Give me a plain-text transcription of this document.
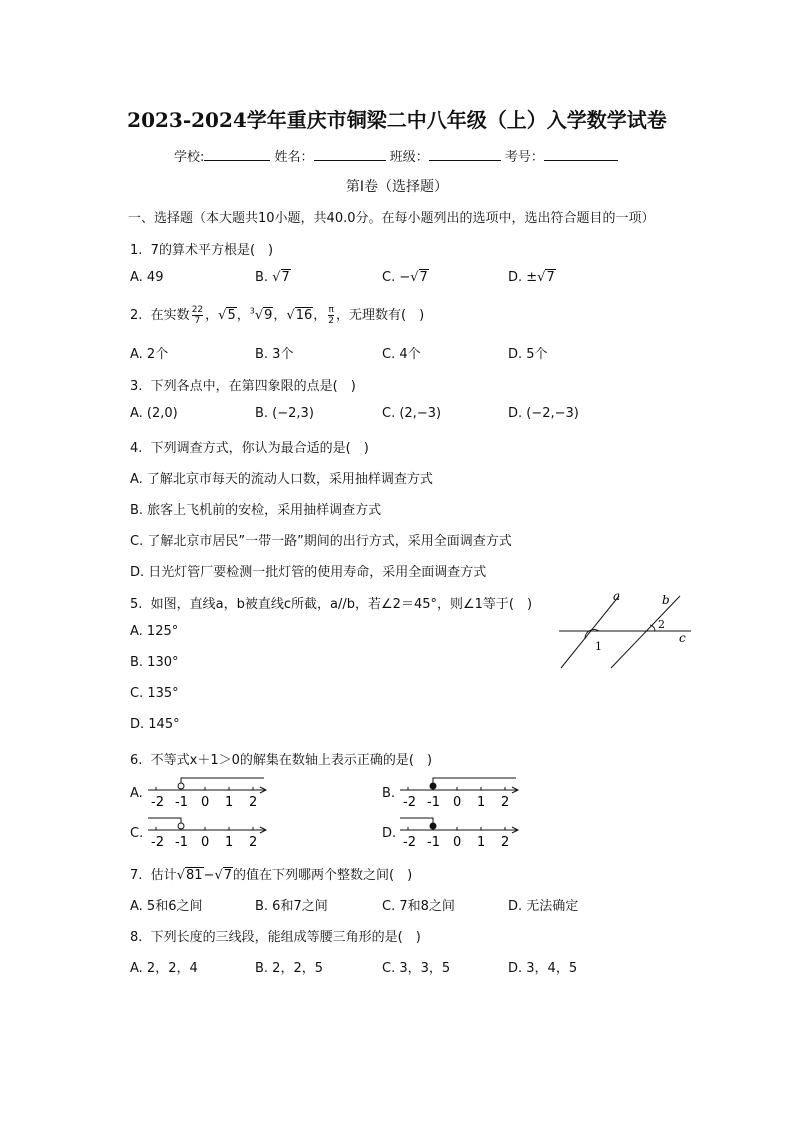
2023-2024学年重庆市铜梁二中八年级（上）入学数学试卷
学校:	姓名：	班级：	考号：
第Ⅰ卷（选择题）
一、选择题（本大题共10小题，共40.0分。在每小题列出的选项中，选出符合题目的一项）
1. 7的算术平方根是(　)
A. 49	B. √7	C. −√7	D. ±√7
2. 在实数 $\frac{22}{7}$ ，√5，$^3$√9，√16， $\frac{\pi}{2}$ ，无理数有(　)
A. 2个	B. 3个	C. 4个	D. 5个
3. 下列各点中，在第四象限的点是(　)
A. (2,0)	B. (−2,3)	C. (2,−3)	D. (−2,−3)
4. 下列调查方式，你认为最合适的是(　)
A. 了解北京市每天的流动人口数，采用抽样调查方式
B. 旅客上飞机前的安检，采用抽样调查方式
C. 了解北京市居民”一带一路”期间的出行方式，采用全面调查方式
D. 日光灯管厂要检测一批灯管的使用寿命，采用全面调查方式
5. 如图，直线a，b被直线c所截，a//b，若∠2＝45°，则∠1等于(　)
A. 125°
B. 130°
C. 135°
D. 145°
a	b
c
1
2
6. 不等式x＋1＞0的解集在数轴上表示正确的是(　)
A.	B.
C.	D.
-2 -1 0 1 2	-2 -1 0 1 2
-2 -1 0 1 2	-2 -1 0 1 2
7. 估计√81−√7的值在下列哪两个整数之间(　)
A. 5和6之间	B. 6和7之间	C. 7和8之间	D. 无法确定
8. 下列长度的三线段，能组成等腰三角形的是(　)
A. 2，2，4	B. 2，2，5	C. 3，3，5	D. 3，4，5
